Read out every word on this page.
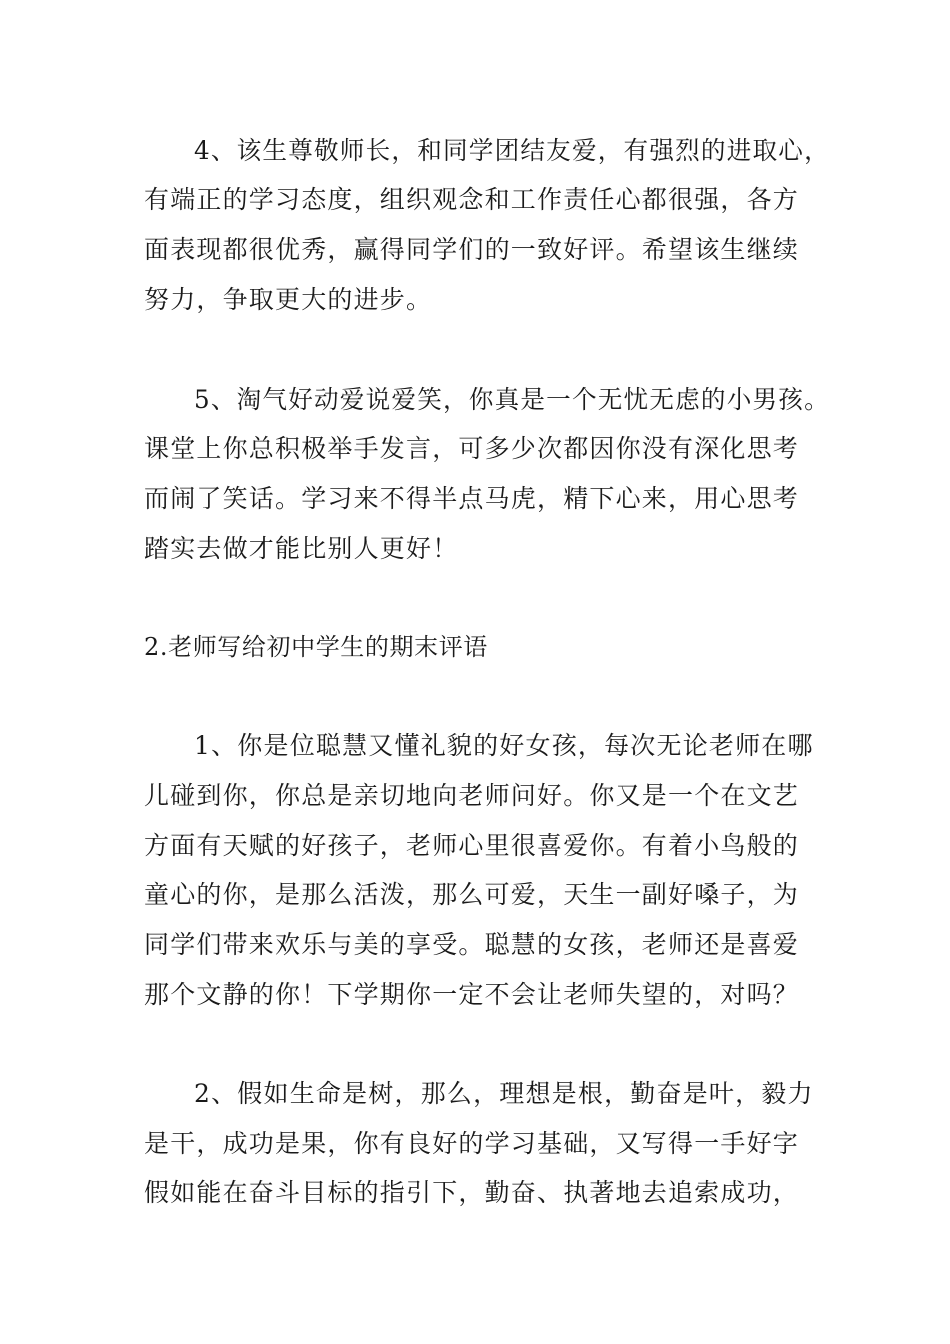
4、该生尊敬师长，和同学团结友爱，有强烈的进取心，
有端正的学习态度，组织观念和工作责任心都很强，各方
面表现都很优秀，赢得同学们的一致好评。希望该生继续
努力，争取更大的进步。
5、淘气好动爱说爱笑，你真是一个无忧无虑的小男孩。
课堂上你总积极举手发言，可多少次都因你没有深化思考
而闹了笑话。学习来不得半点马虎，精下心来，用心思考
踏实去做才能比别人更好！
2.老师写给初中学生的期末评语
1、你是位聪慧又懂礼貌的好女孩，每次无论老师在哪
儿碰到你，你总是亲切地向老师问好。你又是一个在文艺
方面有天赋的好孩子，老师心里很喜爱你。有着小鸟般的
童心的你，是那么活泼，那么可爱，天生一副好嗓子，为
同学们带来欢乐与美的享受。聪慧的女孩，老师还是喜爱
那个文静的你！下学期你一定不会让老师失望的，对吗？
2、假如生命是树，那么，理想是根，勤奋是叶，毅力
是干，成功是果，你有良好的学习基础，又写得一手好字
假如能在奋斗目标的指引下，勤奋、执著地去追索成功，
